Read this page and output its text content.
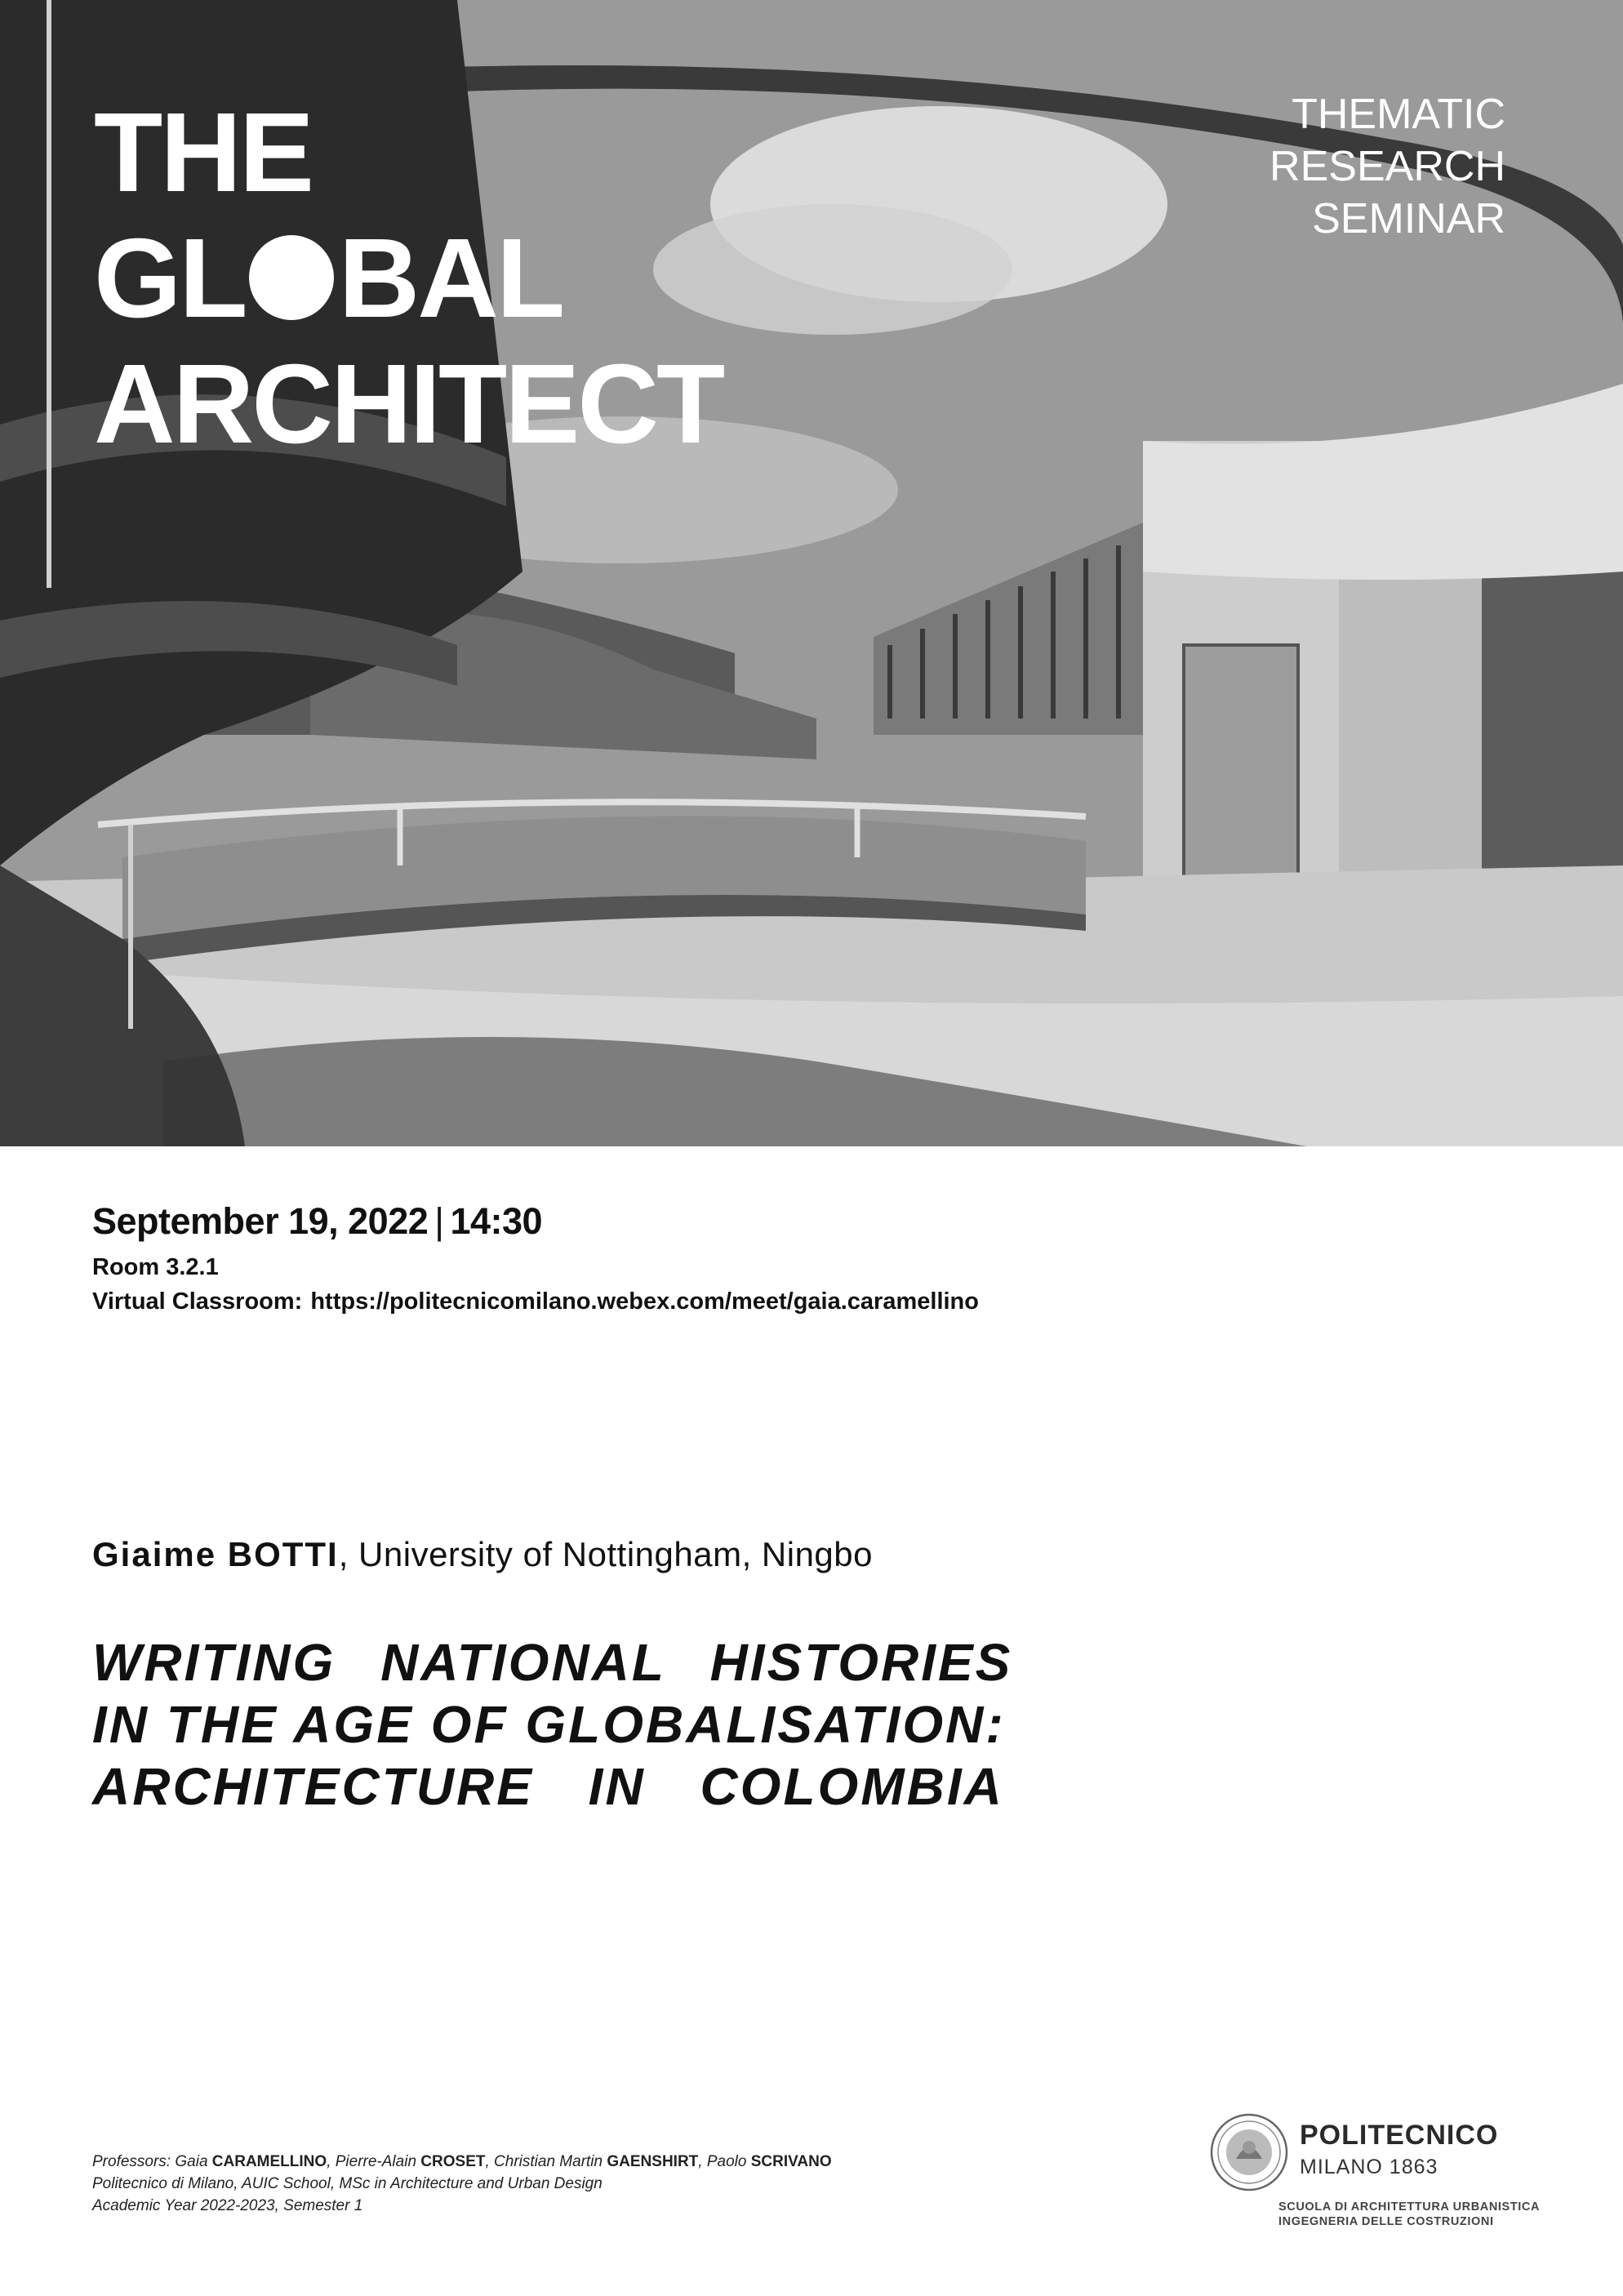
THE
GL BAL
ARCHITECT
THEMATIC
RESEARCH
SEMINAR
September 19, 2022 | 14:30
Room 3.2.1
Virtual Classroom: https://politecnicomilano.webex.com/meet/gaia.caramellino
Giaime BOTTI, University of Nottingham, Ningbo
WRITING NATIONAL HISTORIES
IN THE AGE OF GLOBALISATION:
ARCHITECTURE IN COLOMBIA
Professors: Gaia CARAMELLINO, Pierre-Alain CROSET, Christian Martin GAENSHIRT, Paolo SCRIVANO
Politecnico di Milano, AUIC School, MSc in Architecture and Urban Design
Academic Year 2022-2023, Semester 1
POLITECNICO
MILANO 1863
SCUOLA DI ARCHITETTURA URBANISTICA
INGEGNERIA DELLE COSTRUZIONI
